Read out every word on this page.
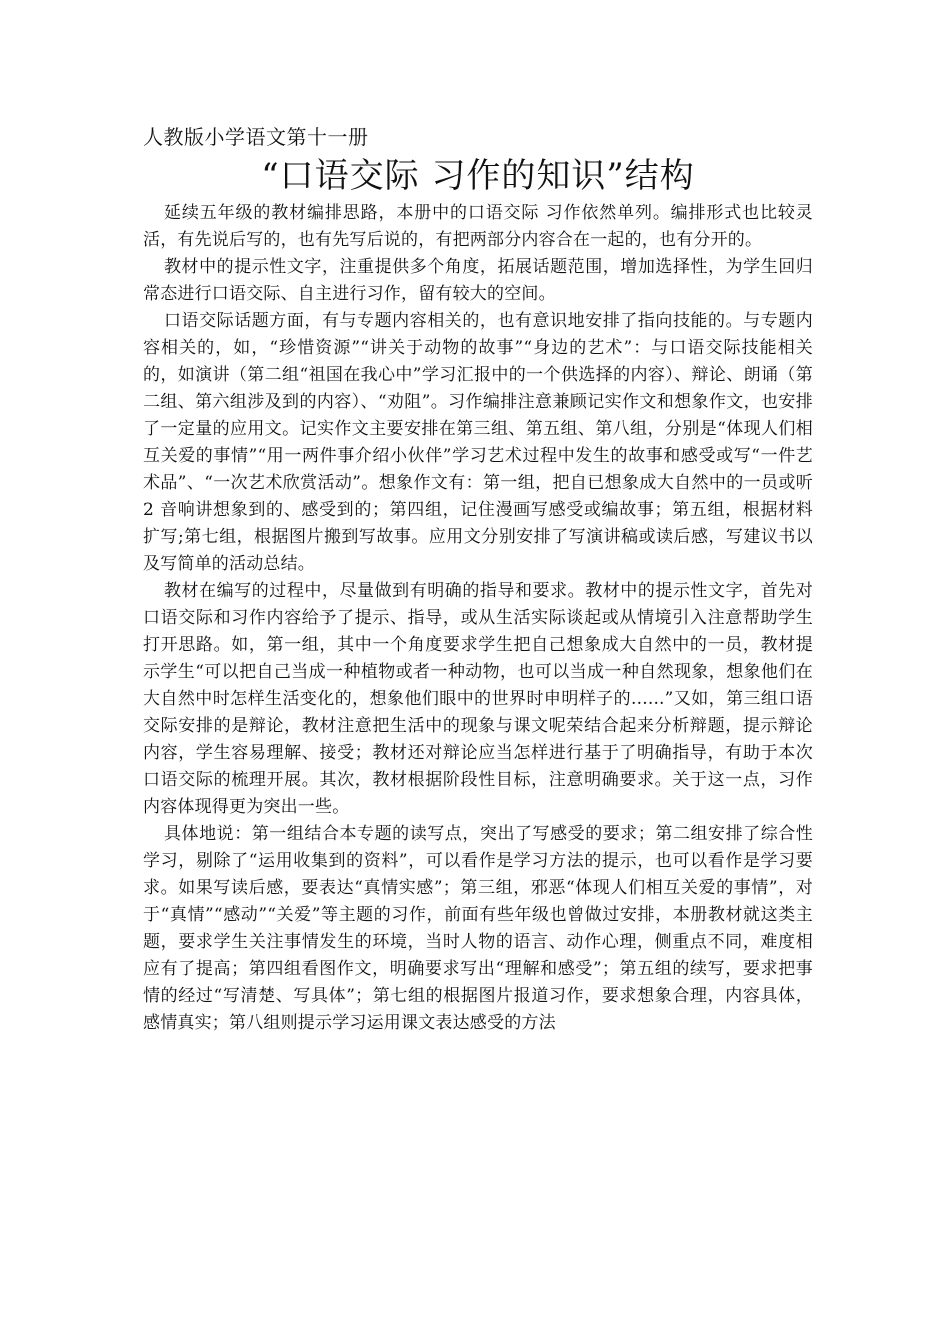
人教版小学语文第十一册

“口语交际 习作的知识”结构

延续五年级的教材编排思路，本册中的口语交际 习作依然单列。编排形式也比较灵活，有先说后写的，也有先写后说的，有把两部分内容合在一起的，也有分开的。

教材中的提示性文字，注重提供多个角度，拓展话题范围，增加选择性，为学生回归常态进行口语交际、自主进行习作，留有较大的空间。

口语交际话题方面，有与专题内容相关的，也有意识地安排了指向技能的。与专题内容相关的，如，“珍惜资源”“讲关于动物的故事”“身边的艺术”：与口语交际技能相关的，如演讲（第二组“祖国在我心中”学习汇报中的一个供选择的内容）、辩论、朗诵（第二组、第六组涉及到的内容）、“劝阻”。习作编排注意兼顾记实作文和想象作文，也安排了一定量的应用文。记实作文主要安排在第三组、第五组、第八组，分别是“体现人们相互关爱的事情”“用一两件事介绍小伙伴”学习艺术过程中发生的故事和感受或写“一件艺术品”、“一次艺术欣赏活动”。想象作文有：第一组，把自已想象成大自然中的一员或听 2 音响讲想象到的、感受到的；第四组，记住漫画写感受或编故事；第五组，根据材料扩写;第七组，根据图片搬到写故事。应用文分别安排了写演讲稿或读后感，写建议书以及写简单的活动总结。

教材在编写的过程中，尽量做到有明确的指导和要求。教材中的提示性文字，首先对口语交际和习作内容给予了提示、指导，或从生活实际谈起或从情境引入注意帮助学生打开思路。如，第一组，其中一个角度要求学生把自己想象成大自然中的一员，教材提示学生“可以把自己当成一种植物或者一种动物，也可以当成一种自然现象，想象他们在大自然中时怎样生活变化的，想象他们眼中的世界时申明样子的......”又如，第三组口语交际安排的是辩论，教材注意把生活中的现象与课文呢荣结合起来分析辩题，提示辩论内容，学生容易理解、接受；教材还对辩论应当怎样进行基于了明确指导，有助于本次口语交际的梳理开展。其次，教材根据阶段性目标，注意明确要求。关于这一点，习作内容体现得更为突出一些。

具体地说：第一组结合本专题的读写点，突出了写感受的要求；第二组安排了综合性学习，剔除了“运用收集到的资料”，可以看作是学习方法的提示，也可以看作是学习要求。如果写读后感，要表达“真情实感”；第三组，邪恶“体现人们相互关爱的事情”，对于“真情”“感动”“关爱”等主题的习作，前面有些年级也曾做过安排，本册教材就这类主题，要求学生关注事情发生的环境，当时人物的语言、动作心理，侧重点不同，难度相应有了提高；第四组看图作文，明确要求写出“理解和感受”；第五组的续写，要求把事情的经过“写清楚、写具体”；第七组的根据图片报道习作，要求想象合理，内容具体，感情真实；第八组则提示学习运用课文表达感受的方法
